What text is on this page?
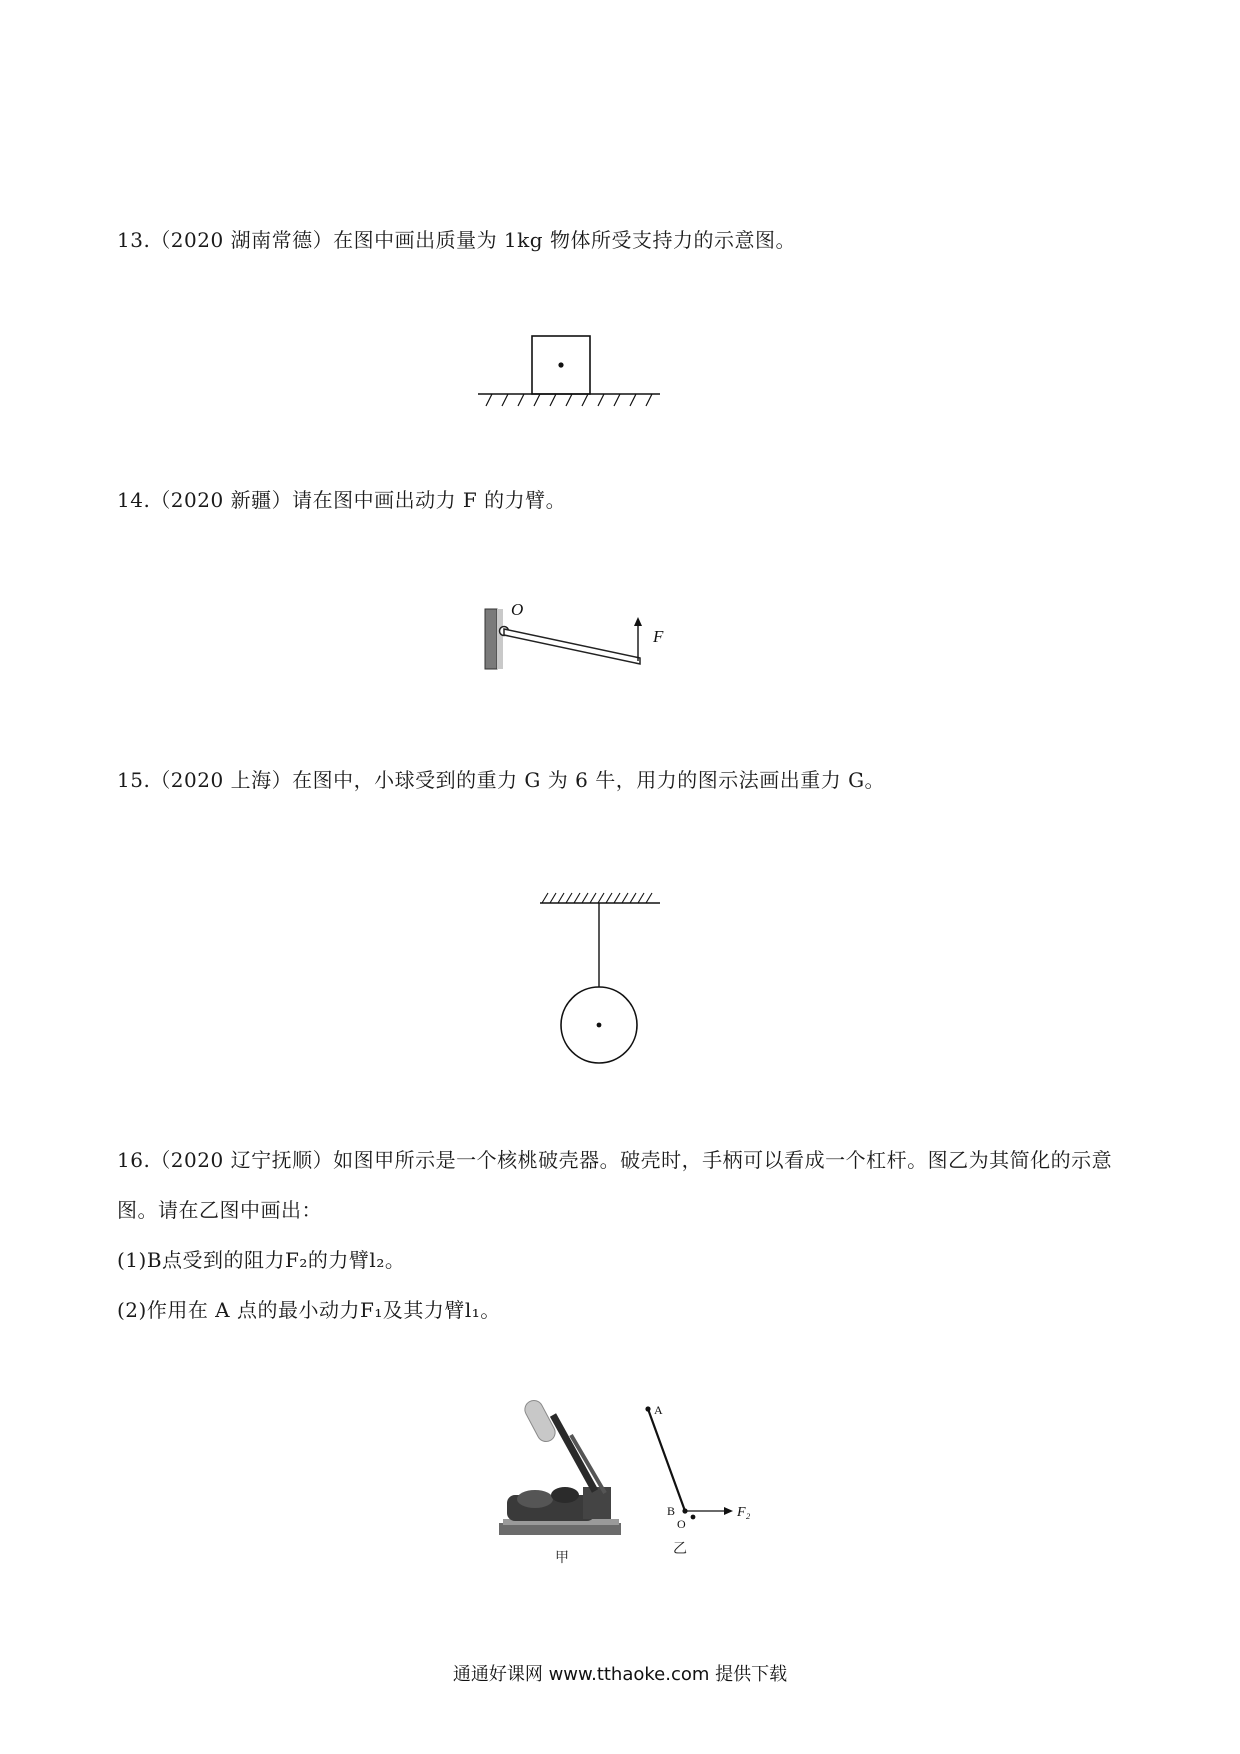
13.（2020 湖南常德）在图中画出质量为 1kg 物体所受支持力的示意图。

14.（2020 新疆）请在图中画出动力 F 的力臂。

O
F

15.（2020 上海）在图中，小球受到的重力 G 为 6 牛，用力的图示法画出重力 G。

16.（2020 辽宁抚顺）如图甲所示是一个核桃破壳器。破壳时，手柄可以看成一个杠杆。图乙为其简化的示意图。请在乙图中画出：
(1)B点受到的阻力F₂的力臂l₂。
(2)作用在 A 点的最小动力F₁及其力臂l₁。
甲
A
B
O
F₂
乙
通通好课网 www.tthaoke.com 提供下载
